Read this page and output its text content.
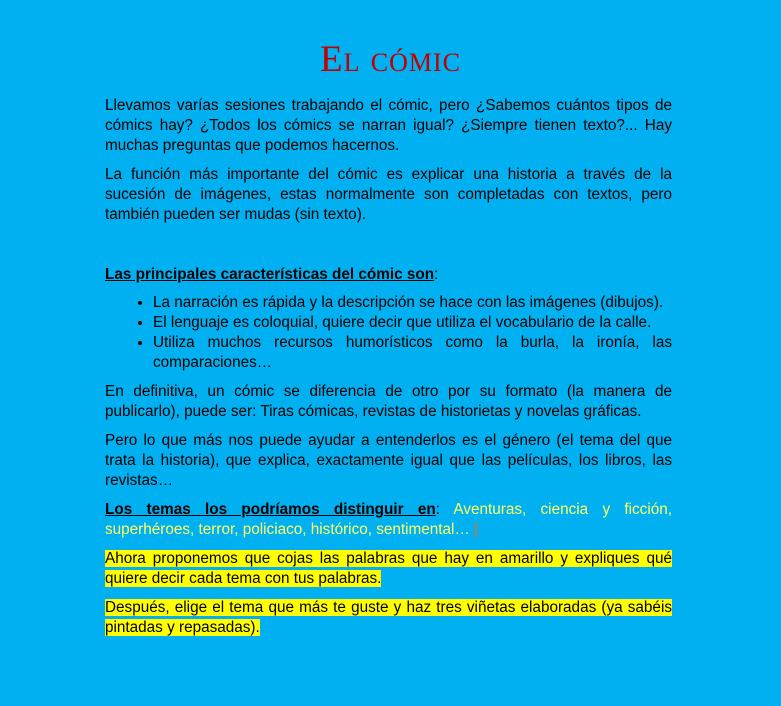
El cómic

Llevamos varías sesiones trabajando el cómic, pero ¿Sabemos cuántos tipos de cómics hay? ¿Todos los cómics se narran igual? ¿Siempre tienen texto?... Hay muchas preguntas que podemos hacernos.

La función más importante del cómic es explicar una historia a través de la sucesión de imágenes, estas normalmente son completadas con textos, pero también pueden ser mudas (sin texto).

Las principales características del cómic son:

• La narración es rápida y la descripción se hace con las imágenes (dibujos).
• El lenguaje es coloquial, quiere decir que utiliza el vocabulario de la calle.
• Utiliza muchos recursos humorísticos como la burla, la ironía, las comparaciones…

En definitiva, un cómic se diferencia de otro por su formato (la manera de publicarlo), puede ser: Tiras cómicas, revistas de historietas y novelas gráficas.

Pero lo que más nos puede ayudar a entenderlos es el género (el tema del que trata la historia), que explica, exactamente igual que las películas, los libros, las revistas…

Los temas los podríamos distinguir en: Aventuras, ciencia y ficción, superhéroes, terror, policiaco, histórico, sentimental… |

Ahora proponemos que cojas las palabras que hay en amarillo y expliques qué quiere decir cada tema con tus palabras.

Después, elige el tema que más te guste y haz tres viñetas elaboradas (ya sabéis pintadas y repasadas).
